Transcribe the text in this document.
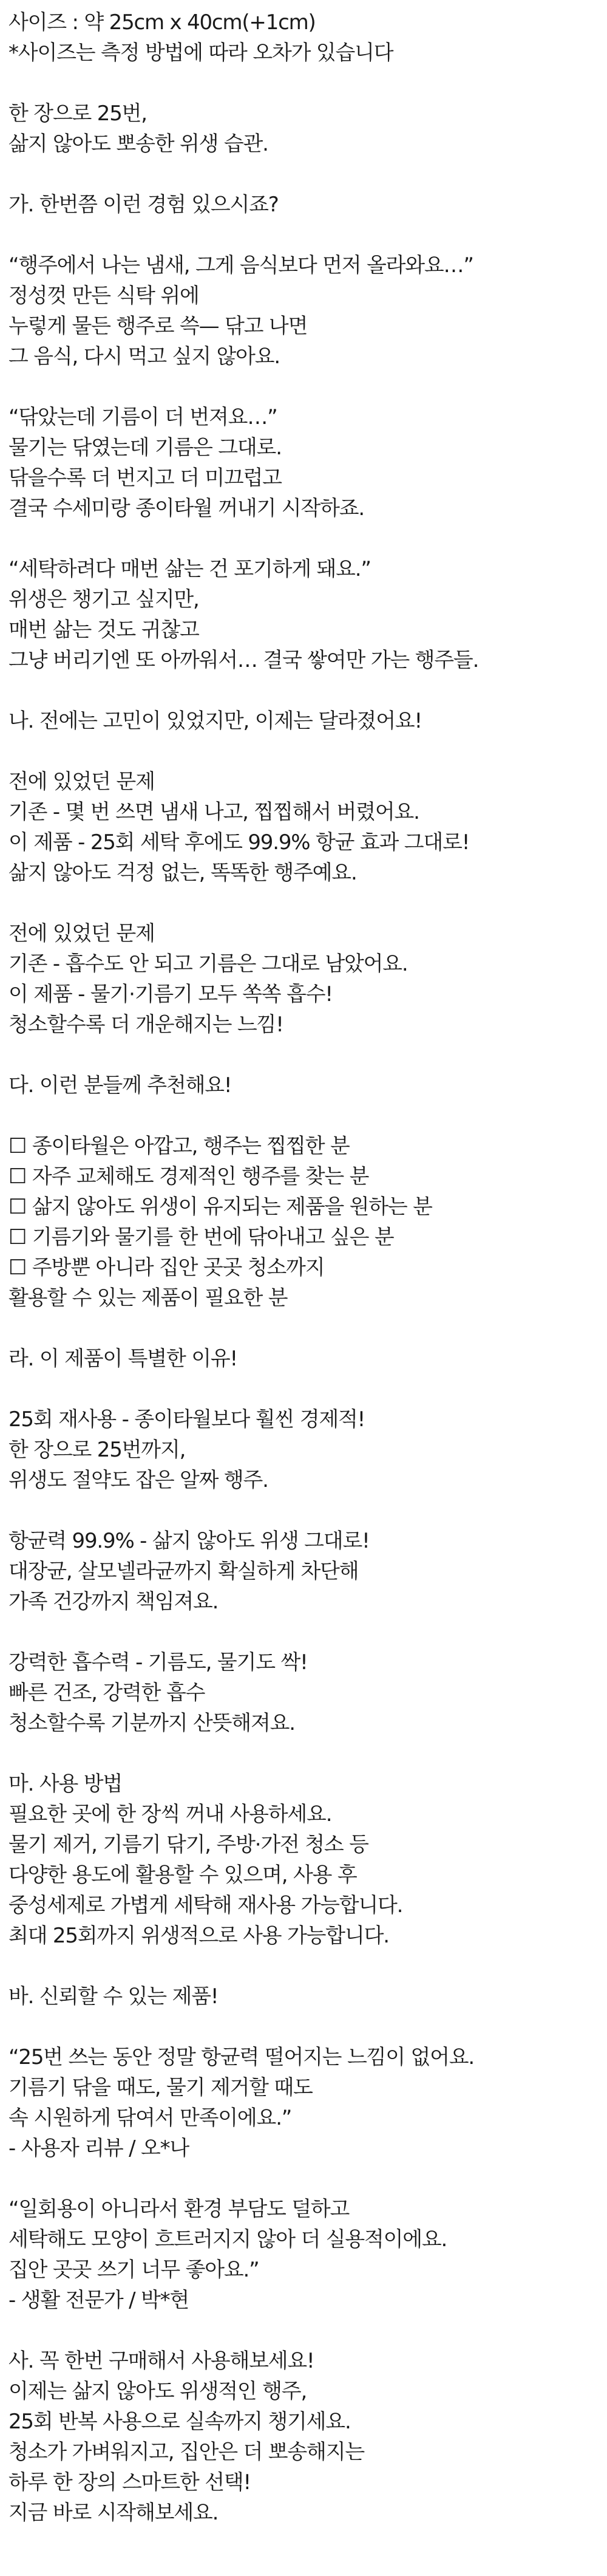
사이즈 : 약 25cm x 40cm(+1cm)
*사이즈는 측정 방법에 따라 오차가 있습니다
한 장으로 25번,
삶지 않아도 뽀송한 위생 습관.
가. 한번쯤 이런 경험 있으시죠?
“행주에서 나는 냄새, 그게 음식보다 먼저 올라와요…”
정성껏 만든 식탁 위에
누렇게 물든 행주로 쓱— 닦고 나면
그 음식, 다시 먹고 싶지 않아요.
“닦았는데 기름이 더 번져요…”
물기는 닦였는데 기름은 그대로.
닦을수록 더 번지고 더 미끄럽고
결국 수세미랑 종이타월 꺼내기 시작하죠.
“세탁하려다 매번 삶는 건 포기하게 돼요.”
위생은 챙기고 싶지만,
매번 삶는 것도 귀찮고
그냥 버리기엔 또 아까워서… 결국 쌓여만 가는 행주들.
나. 전에는 고민이 있었지만, 이제는 달라졌어요!
전에 있었던 문제
기존 - 몇 번 쓰면 냄새 나고, 찝찝해서 버렸어요.
이 제품 - 25회 세탁 후에도 99.9% 항균 효과 그대로!
삶지 않아도 걱정 없는, 똑똑한 행주예요.
전에 있었던 문제
기존 - 흡수도 안 되고 기름은 그대로 남았어요.
이 제품 - 물기·기름기 모두 쏙쏙 흡수!
청소할수록 더 개운해지는 느낌!
다. 이런 분들께 추천해요!
☐ 종이타월은 아깝고, 행주는 찝찝한 분
☐ 자주 교체해도 경제적인 행주를 찾는 분
☐ 삶지 않아도 위생이 유지되는 제품을 원하는 분
☐ 기름기와 물기를 한 번에 닦아내고 싶은 분
☐ 주방뿐 아니라 집안 곳곳 청소까지
활용할 수 있는 제품이 필요한 분
라. 이 제품이 특별한 이유!
25회 재사용 - 종이타월보다 훨씬 경제적!
한 장으로 25번까지,
위생도 절약도 잡은 알짜 행주.
항균력 99.9% - 삶지 않아도 위생 그대로!
대장균, 살모넬라균까지 확실하게 차단해
가족 건강까지 책임져요.
강력한 흡수력 - 기름도, 물기도 싹!
빠른 건조, 강력한 흡수
청소할수록 기분까지 산뜻해져요.
마. 사용 방법
필요한 곳에 한 장씩 꺼내 사용하세요.
물기 제거, 기름기 닦기, 주방·가전 청소 등
다양한 용도에 활용할 수 있으며, 사용 후
중성세제로 가볍게 세탁해 재사용 가능합니다.
최대 25회까지 위생적으로 사용 가능합니다.
바. 신뢰할 수 있는 제품!
“25번 쓰는 동안 정말 항균력 떨어지는 느낌이 없어요.
기름기 닦을 때도, 물기 제거할 때도
속 시원하게 닦여서 만족이에요.”
- 사용자 리뷰 / 오*나
“일회용이 아니라서 환경 부담도 덜하고
세탁해도 모양이 흐트러지지 않아 더 실용적이에요.
집안 곳곳 쓰기 너무 좋아요.”
- 생활 전문가 / 박*현
사. 꼭 한번 구매해서 사용해보세요!
이제는 삶지 않아도 위생적인 행주,
25회 반복 사용으로 실속까지 챙기세요.
청소가 가벼워지고, 집안은 더 뽀송해지는
하루 한 장의 스마트한 선택!
지금 바로 시작해보세요.
